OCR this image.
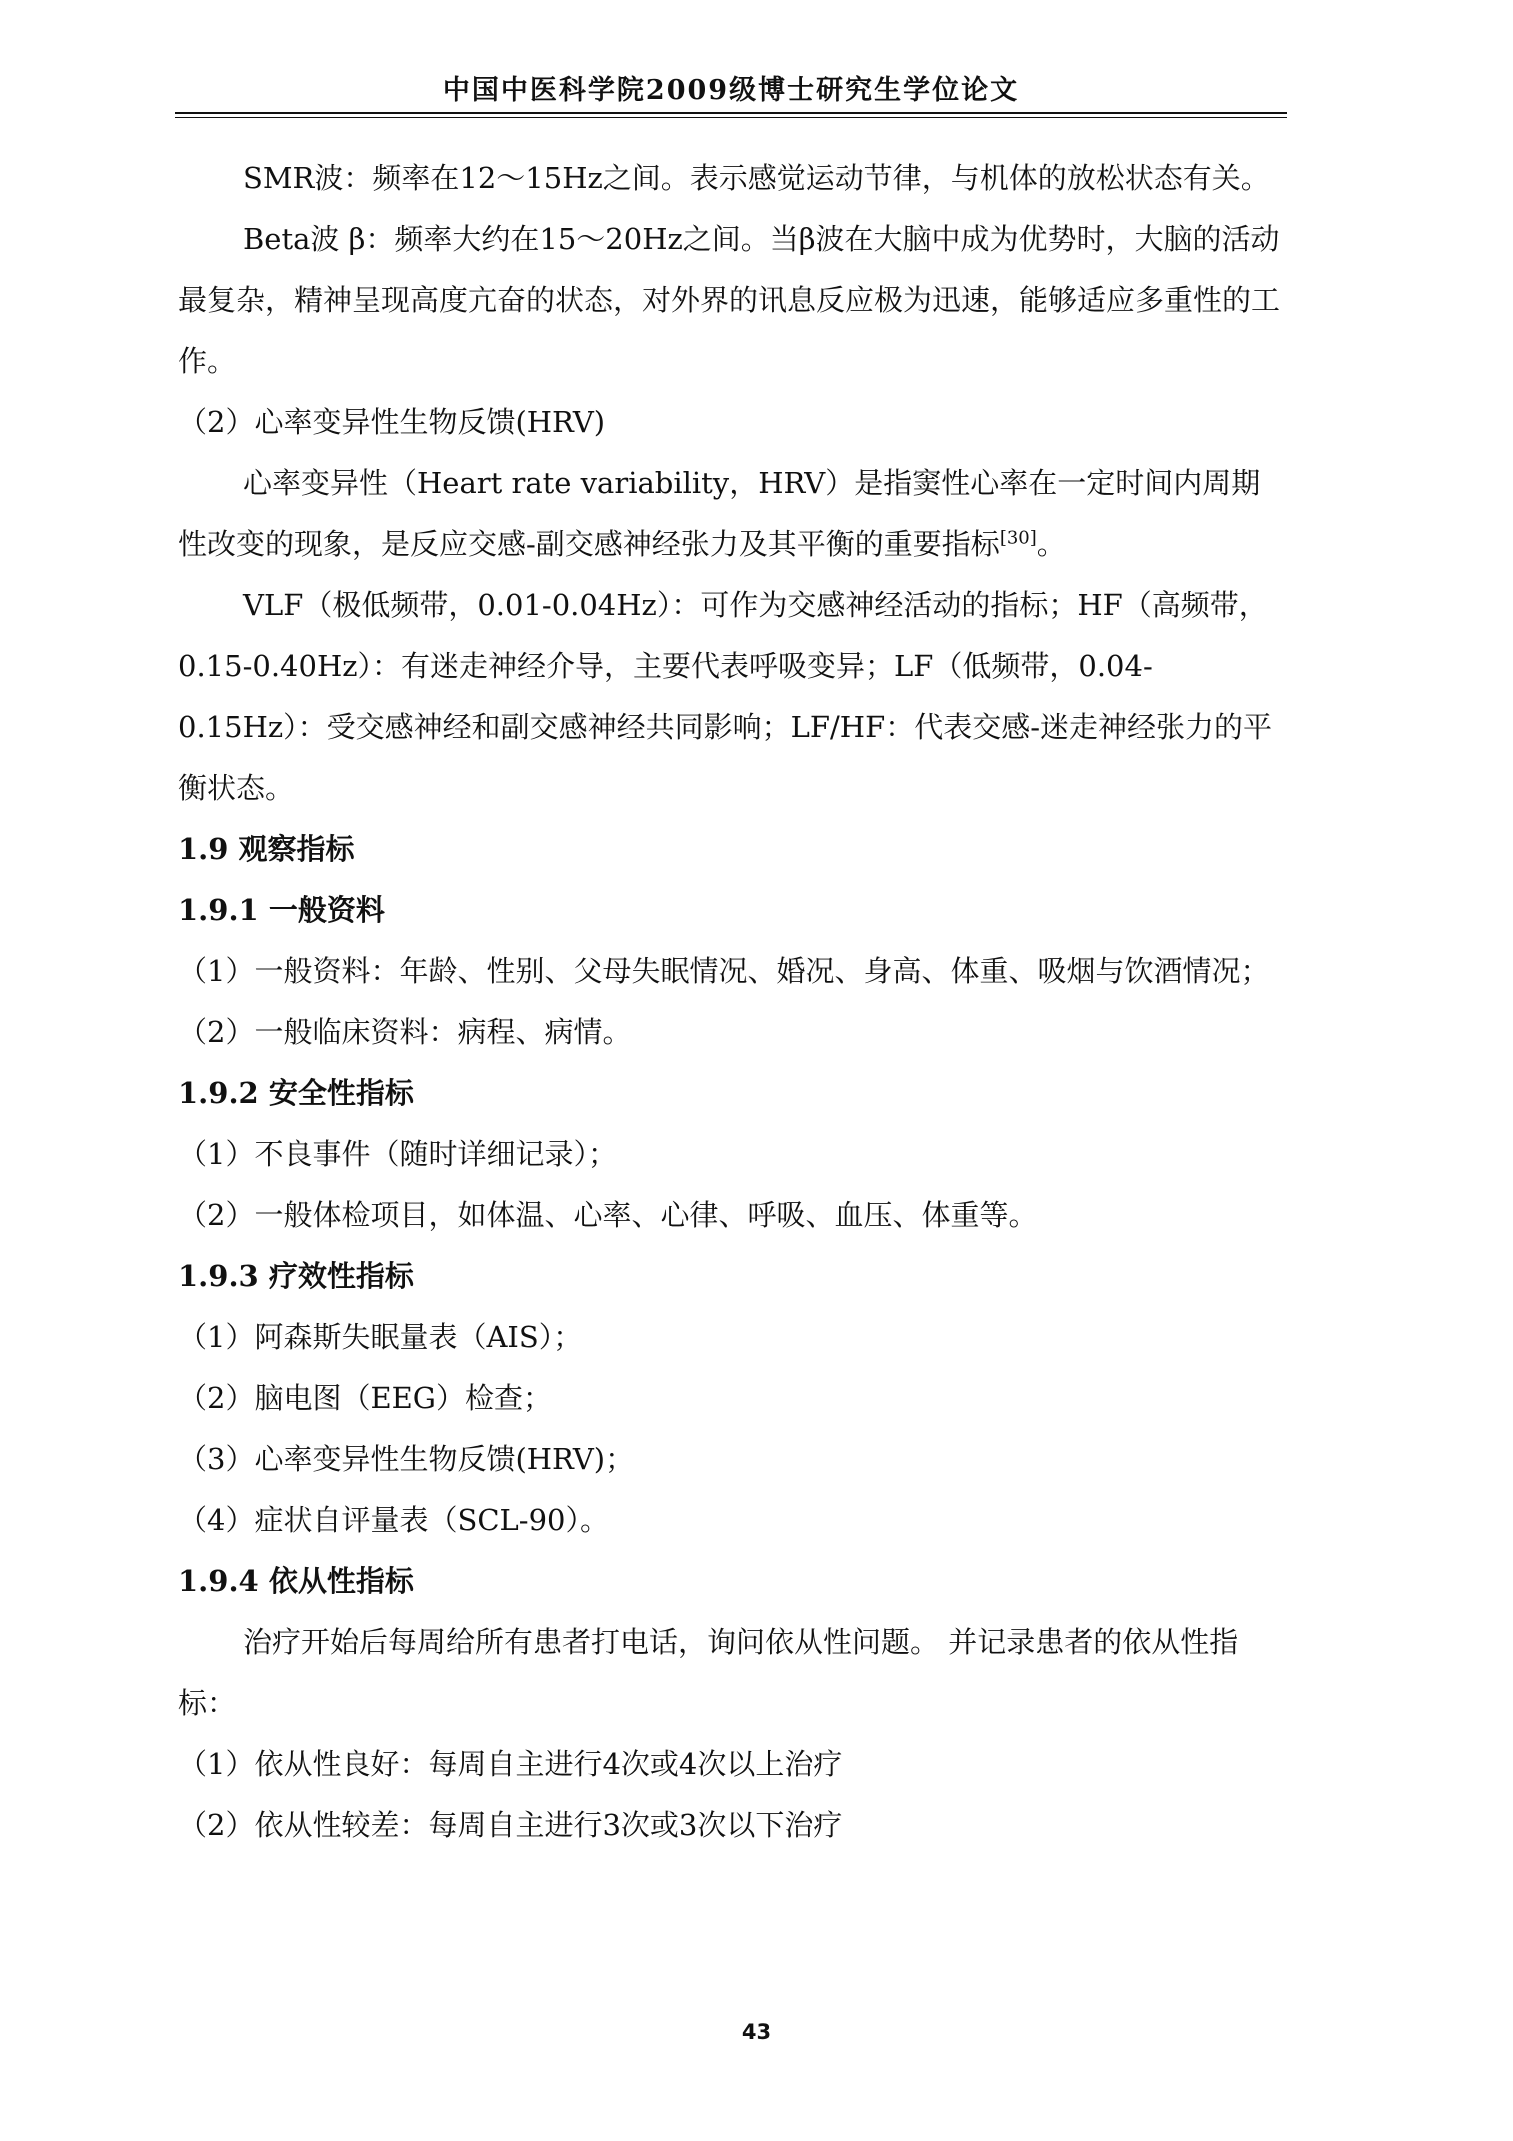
中国中医科学院2009级博士研究生学位论文

SMR波：频率在12～15Hz之间。表示感觉运动节律，与机体的放松状态有关。

Beta波 β：频率大约在15～20Hz之间。当β波在大脑中成为优势时，大脑的活动最复杂，精神呈现高度亢奋的状态，对外界的讯息反应极为迅速，能够适应多重性的工作。

（2）心率变异性生物反馈(HRV)

心率变异性（Heart rate variability，HRV）是指窦性心率在一定时间内周期性改变的现象，是反应交感-副交感神经张力及其平衡的重要指标[30]。

VLF（极低频带，0.01-0.04Hz）：可作为交感神经活动的指标；HF（高频带，0.15-0.40Hz）：有迷走神经介导，主要代表呼吸变异；LF（低频带，0.04-0.15Hz）：受交感神经和副交感神经共同影响；LF/HF：代表交感-迷走神经张力的平衡状态。

1.9 观察指标

1.9.1 一般资料

（1）一般资料：年龄、性别、父母失眠情况、婚况、身高、体重、吸烟与饮酒情况；

（2）一般临床资料：病程、病情。

1.9.2 安全性指标

（1）不良事件（随时详细记录）；

（2）一般体检项目，如体温、心率、心律、呼吸、血压、体重等。

1.9.3 疗效性指标

（1）阿森斯失眠量表（AIS）；

（2）脑电图（EEG）检查；

（3）心率变异性生物反馈(HRV)；

（4）症状自评量表（SCL-90）。

1.9.4 依从性指标

治疗开始后每周给所有患者打电话，询问依从性问题。 并记录患者的依从性指标：

（1）依从性良好：每周自主进行4次或4次以上治疗

（2）依从性较差：每周自主进行3次或3次以下治疗

43
